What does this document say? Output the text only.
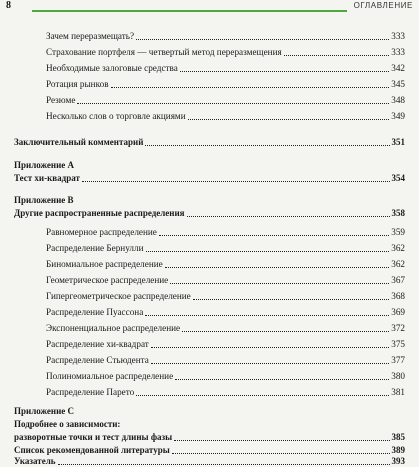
8	ОГЛАВЛЕНИЕ
Зачем переразмещать?	333
Страхование портфеля — четвертый метод переразмещения	333
Необходимые залоговые средства	342
Ротация рынков	345
Резюме	348
Несколько слов о торговле акциями	349
Заключительный комментарий	351
Приложение А
Тест хи-квадрат	354
Приложение В
Другие распространенные распределения	358
Равномерное распределение	359
Распределение Бернулли	362
Биномиальное распределение	362
Геометрическое распределение	367
Гипергеометрическое распределение	368
Распределение Пуассона	369
Экспоненциальное распределение	372
Распределение хи-квадрат	375
Распределение Стьюдента	377
Полиномиальное распределение	380
Распределение Парето	381
Приложение С
Подробнее о зависимости:
разворотные точки и тест длины фазы	385
Список рекомендованной литературы	389
Указатель	393
